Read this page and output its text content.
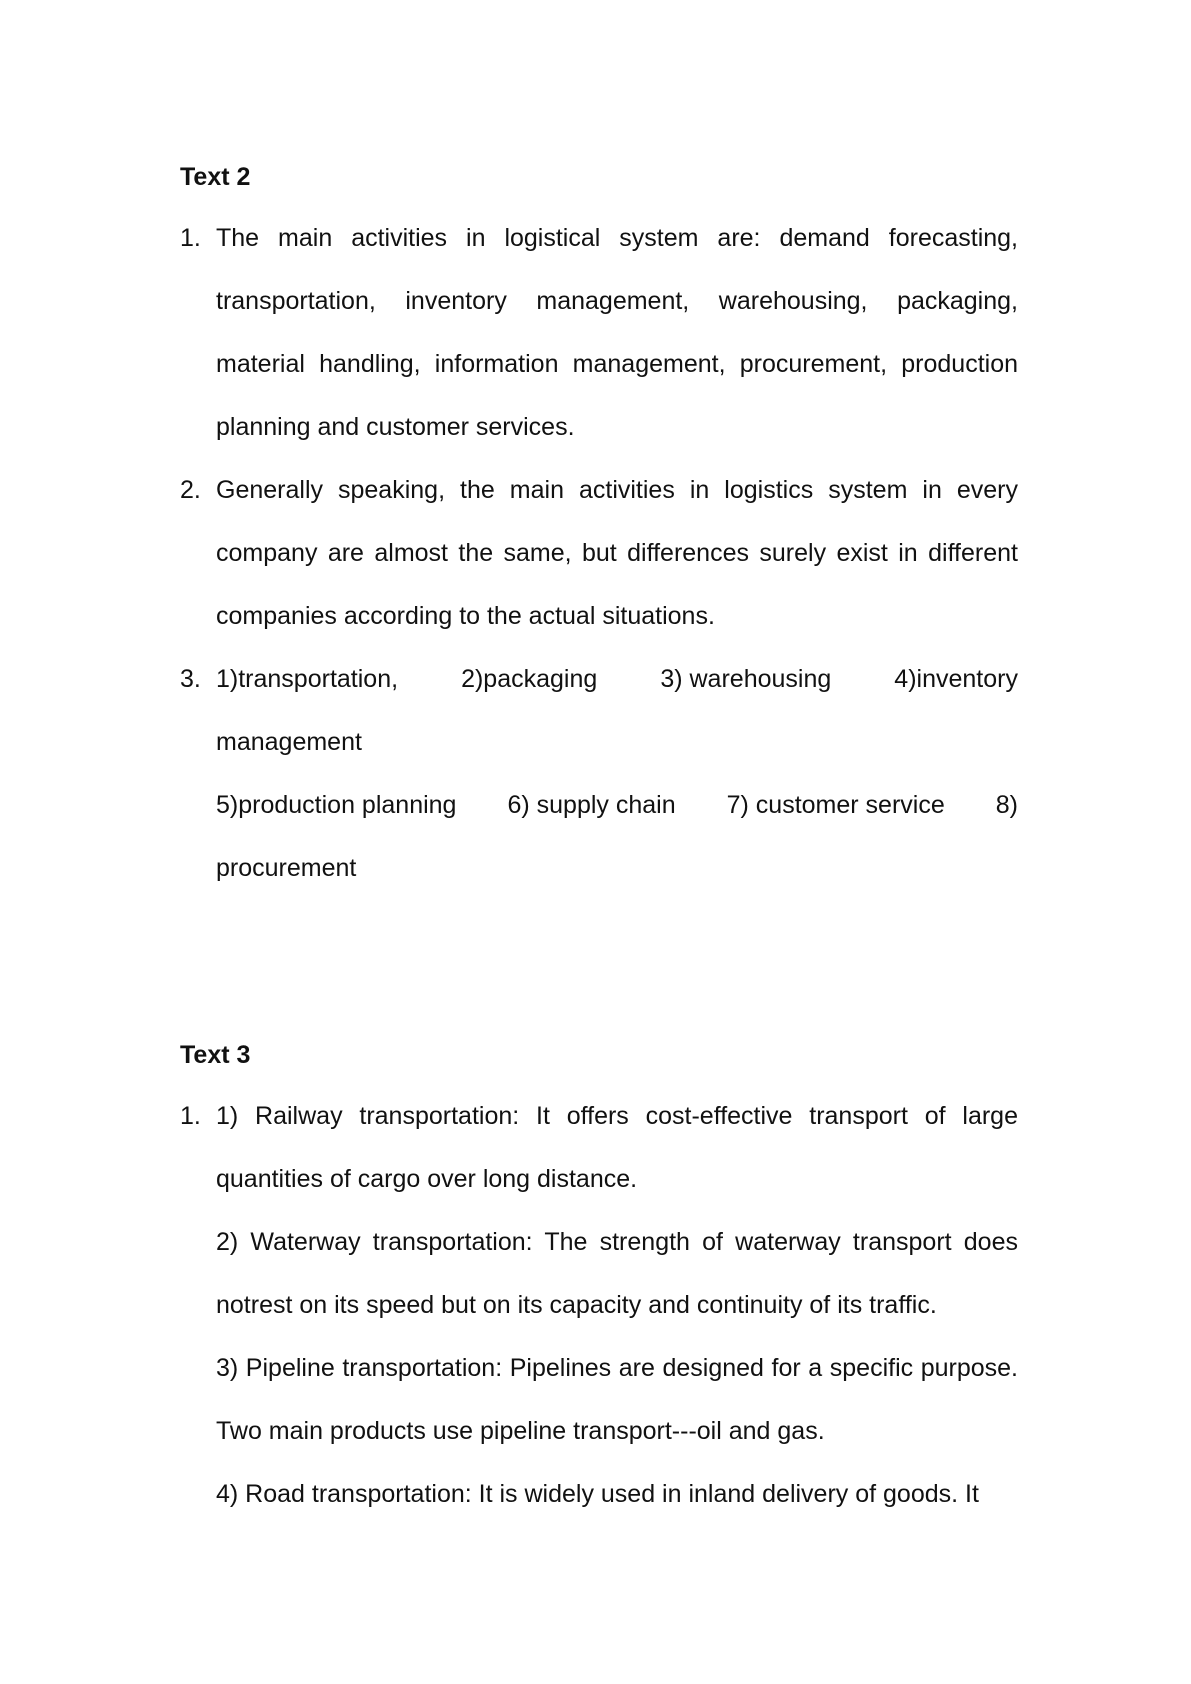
Text 2
1. The main activities in logistical system are: demand forecasting, transportation, inventory management, warehousing, packaging, material handling, information management, procurement, production planning and customer services.

2. Generally speaking, the main activities in logistics system in every company are almost the same, but differences surely exist in different companies according to the actual situations.

3. 1)transportation,	2)packaging	3) warehousing	4)inventory
management
5)production planning 6) supply chain 7) customer service 8)
procurement
Text 3
1. 1) Railway transportation: It offers cost-effective transport of large quantities of cargo over long distance.

2) Waterway transportation: The strength of waterway transport does notrest on its speed but on its capacity and continuity of its traffic.

3) Pipeline transportation: Pipelines are designed for a specific purpose. Two main products use pipeline transport---oil and gas.

4) Road transportation: It is widely used in inland delivery of goods. It
